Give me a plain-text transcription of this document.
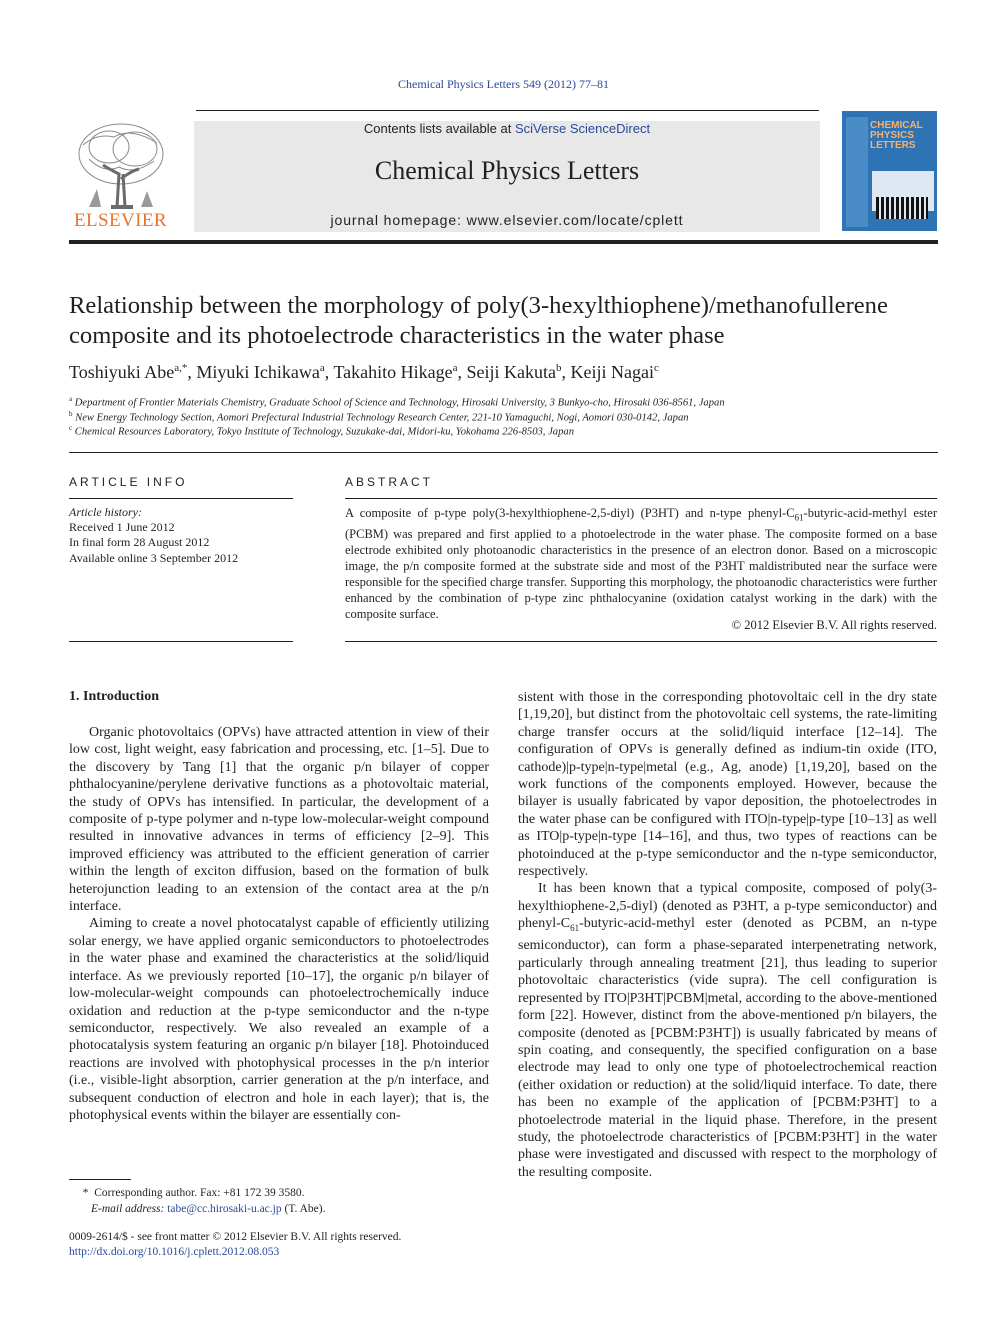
Chemical Physics Letters 549 (2012) 77–81
ELSEVIER
Contents lists available at SciVerse ScienceDirect
Chemical Physics Letters
journal homepage: www.elsevier.com/locate/cplett
CHEMICAL
PHYSICS
LETTERS
Relationship between the morphology of poly(3-hexylthiophene)/methanofullerene composite and its photoelectrode characteristics in the water phase
Toshiyuki Abe$^{a,*}$, Miyuki Ichikawa$^a$, Takahito Hikage$^a$, Seiji Kakuta$^b$, Keiji Nagai$^c$
$^a$ Department of Frontier Materials Chemistry, Graduate School of Science and Technology, Hirosaki University, 3 Bunkyo-cho, Hirosaki 036-8561, Japan
$^b$ New Energy Technology Section, Aomori Prefectural Industrial Technology Research Center, 221-10 Yamaguchi, Nogi, Aomori 030-0142, Japan
$^c$ Chemical Resources Laboratory, Tokyo Institute of Technology, Suzukake-dai, Midori-ku, Yokohama 226-8503, Japan
ARTICLE INFO
Article history:
Received 1 June 2012
In final form 28 August 2012
Available online 3 September 2012
ABSTRACT
A composite of p-type poly(3-hexylthiophene-2,5-diyl) (P3HT) and n-type phenyl-$C_{61}-butyric-acid$-methyl ester (PCBM) was prepared and first applied to a photoelectrode in the water phase. The composite formed on a base electrode exhibited only photoanodic characteristics in the presence of an electron donor. Based on a microscopic image, the p/n composite formed at the substrate side and most of the P3HT maldistributed near the surface were responsible for the specified charge transfer. Supporting this morphology, the photoanodic characteristics were further enhanced by the combination of p-type zinc phthalocyanine (oxidation catalyst working in the dark) with the composite surface.
© 2012 Elsevier B.V. All rights reserved.
1. Introduction

Organic photovoltaics (OPVs) have attracted attention in view of their low cost, light weight, easy fabrication and processing, etc. [1–5]. Due to the discovery by Tang [1] that the organic p/n bilayer of copper phthalocyanine/perylene derivative functions as a photovoltaic material, the study of OPVs has intensified. In particular, the development of a composite of p-type polymer and n-type low-molecular-weight compound resulted in innovative advances in terms of efficiency [2–9]. This improved efficiency was attributed to the efficient generation of carrier within the length of exciton diffusion, based on the formation of bulk heterojunction leading to an extension of the contact area at the p/n interface.

Aiming to create a novel photocatalyst capable of efficiently utilizing solar energy, we have applied organic semiconductors to photoelectrodes in the water phase and examined the characteristics at the solid/liquid interface. As we previously reported [10–17], the organic p/n bilayer of low-molecular-weight compounds can photoelectrochemically induce oxidation and reduction at the p-type semiconductor and the n-type semiconductor, respectively. We also revealed an example of a photocatalysis system featuring an organic p/n bilayer [18]. Photoinduced reactions are involved with photophysical processes in the p/n interior (i.e., visible-light absorption, carrier generation at the p/n interface, and subsequent conduction of electron and hole in each layer); that is, the photophysical events within the bilayer are essentially con-

sistent with those in the corresponding photovoltaic cell in the dry state [1,19,20], but distinct from the photovoltaic cell systems, the rate-limiting charge transfer occurs at the solid/liquid interface [12–14]. The configuration of OPVs is generally defined as indium-tin oxide (ITO, cathode)|p-type|n-type|metal (e.g., Ag, anode) [1,19,20], based on the work functions of the components employed. However, because the bilayer is usually fabricated by vapor deposition, the photoelectrodes in the water phase can be configured with ITO|n-type|p-type [10–13] as well as ITO|p-type|n-type [14–16], and thus, two types of reactions can be photoinduced at the p-type semiconductor and the n-type semiconductor, respectively.

It has been known that a typical composite, composed of poly(3-hexylthiophene-2,5-diyl) (denoted as P3HT, a p-type semiconductor) and phenyl-$C_{61}-butyric-acid$-methyl ester (denoted as PCBM, an n-type semiconductor), can form a phase-separated interpenetrating network, particularly through annealing treatment [21], thus leading to superior photovoltaic characteristics (vide supra). The cell configuration is represented by ITO|P3HT|PCBM|metal, according to the above-mentioned form [22]. However, distinct from the above-mentioned p/n bilayers, the composite (denoted as [PCBM:P3HT]) is usually fabricated by means of spin coating, and consequently, the specified configuration on a base electrode may lead to only one type of photoelectrochemical reaction (either oxidation or reduction) at the solid/liquid interface. To date, there has been no example of the application of [PCBM:P3HT] to a photoelectrode material in the liquid phase. Therefore, in the present study, the photoelectrode characteristics of [PCBM:P3HT] in the water phase were investigated and discussed with respect to the morphology of the resulting composite.

*  Corresponding author. Fax: +81 172 39 3580.
E-mail address: tabe@cc.hirosaki-u.ac.jp (T. Abe).
0009-2614/$ - see front matter © 2012 Elsevier B.V. All rights reserved.
http://dx.doi.org/10.1016/j.cplett.2012.08.053
